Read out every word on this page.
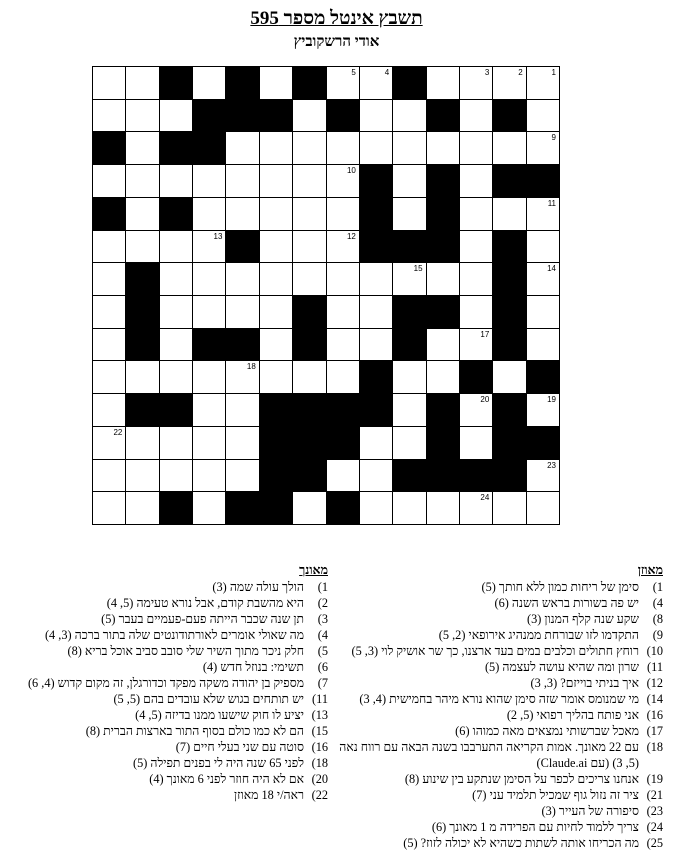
תשבץ אינטל מספר 595
אודי הרשקוביץ
5	4	3	2	1
9
10
11
13	12
15	14
17
18
20	19
22
23
24
מאוזן
1)
סימן של ריחות כמון ללא חותך (5)
4)
יש פה בשורות בראש השנה (6)
8)
שקע שנה קלף המנון (3)
9)
התקדמו לזו שבורחת ממנהיג אירופאי (2, 5)
10)
רוחץ חתולים וכלבים במים בעד ארצנו, כך שר אושיק לוי (3, 5)
11)
שרון ומה שהיא עושה לעצמה (5)
12)
איך בניתי בוייזם? (3, 3)
14)
מי שמנומס אומר שזה סימן שהוא נורא מיהר בחמישית (4, 3)
16)
אני פותח בהליך רפואי (5, 2)
17)
מאכל שברשותי נמצאים מאה כמוהו (6)
18)
עם 22 מאונך. אמות הקריאה התערבבו בשנה הבאה עם רווח נאה (5, 3) (עם Claude.ai)
19)
אנחנו צריכים לכפר על הסימן שנתקע בין שינוע (8)
21)
ציר זה נזול גוף שמכיל תלמיד עני (7)
23)
סיפורה של העייר (3)
24)
צריך ללמוד לחיות עם הפרידה מ 1 מאונך (6)
25)
מה הכריחו אותה לשתות כשהיא לא יכולה לזוז? (5)
מאונך
1)
הולך עולה שמה (3)
2)
היא מהשבת קודם, אבל נורא טעימה (5, 4)
3)
תן שנה שכבר הייתה פעם-פעמיים בעבר (5)
4)
מה שאולי אומרים לאורתודונטים שלה בתור ברכה (3, 4)
5)
חלק ניכר מתוך השיר שלי סובב סביב אוכל בריא (8)
6)
תשימי: בנוזל חדש (4)
7)
מספיק בן יהודה משקה מפקד וכדורגלן, זה מקום קדוש (4, 6)
11)
יש תותחים בגוש שלא עובדים בהם (5, 5)
13)
יציע לו חוק שישעו ממנו בדיזה (5, 4)
15)
הם לא כמו כולם בסוף התור בארצות הברית (8)
16)
סוטה עם שני בעלי חיים (7)
18)
לפני 65 שנה היה לי בפנים תפילה (5)
20)
אם לא היה חוזר לפני 6 מאונך (4)
22)
ראה/י 18 מאוזן
